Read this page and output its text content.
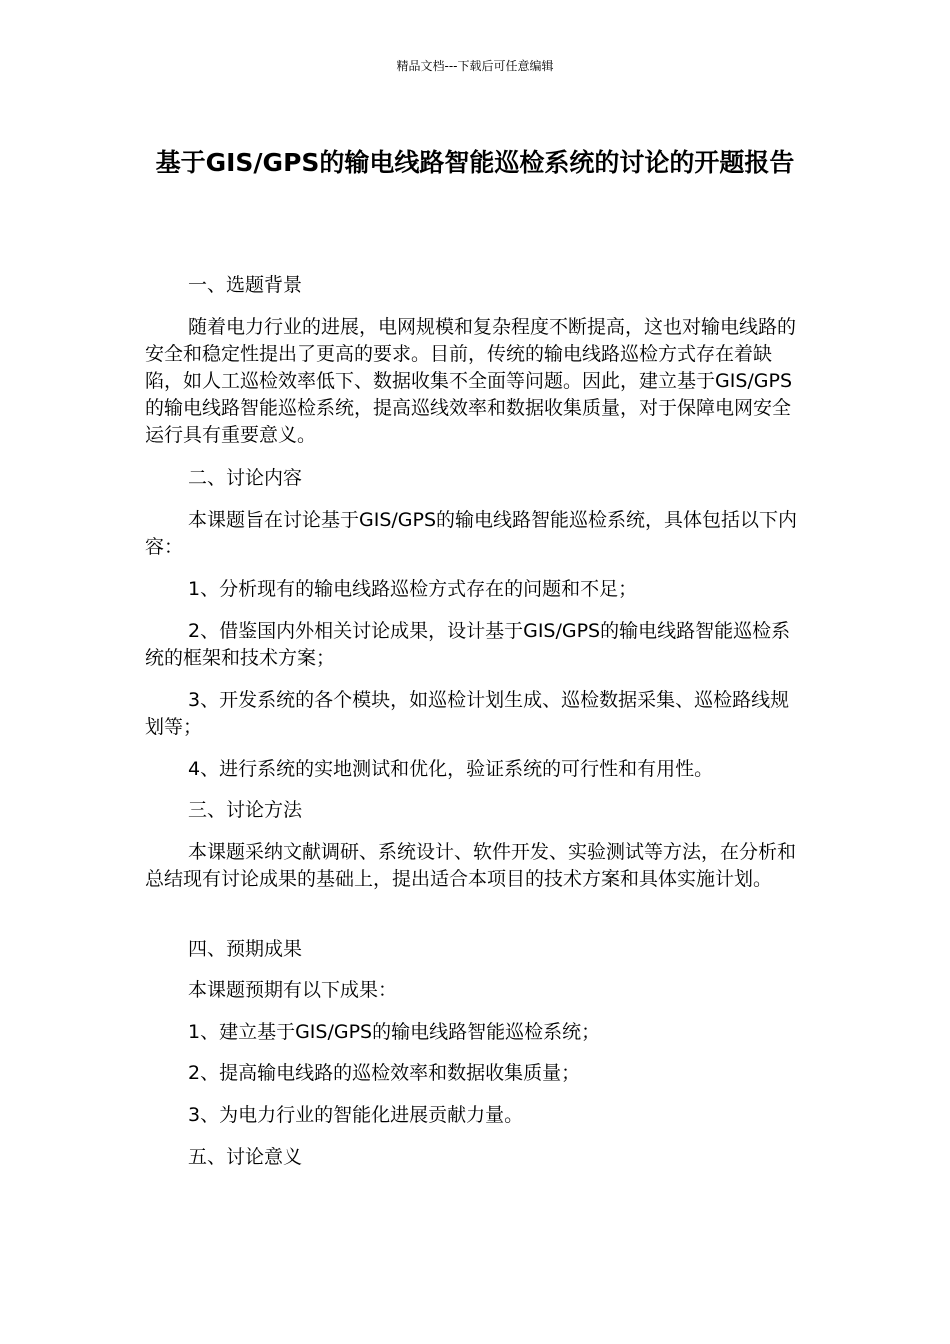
精品文档---下载后可任意编辑
基于GIS/GPS的输电线路智能巡检系统的讨论的开题报告

一、选题背景

随着电力行业的进展，电网规模和复杂程度不断提高，这也对输电线路的安全和稳定性提出了更高的要求。目前，传统的输电线路巡检方式存在着缺陷，如人工巡检效率低下、数据收集不全面等问题。因此，建立基于GIS/GPS的输电线路智能巡检系统，提高巡线效率和数据收集质量，对于保障电网安全运行具有重要意义。

二、讨论内容

本课题旨在讨论基于GIS/GPS的输电线路智能巡检系统，具体包括以下内容：

1、分析现有的输电线路巡检方式存在的问题和不足；

2、借鉴国内外相关讨论成果，设计基于GIS/GPS的输电线路智能巡检系统的框架和技术方案；

3、开发系统的各个模块，如巡检计划生成、巡检数据采集、巡检路线规划等；

4、进行系统的实地测试和优化，验证系统的可行性和有用性。

三、讨论方法

本课题采纳文献调研、系统设计、软件开发、实验测试等方法，在分析和总结现有讨论成果的基础上，提出适合本项目的技术方案和具体实施计划。

四、预期成果

本课题预期有以下成果：

1、建立基于GIS/GPS的输电线路智能巡检系统；

2、提高输电线路的巡检效率和数据收集质量；

3、为电力行业的智能化进展贡献力量。

五、讨论意义
